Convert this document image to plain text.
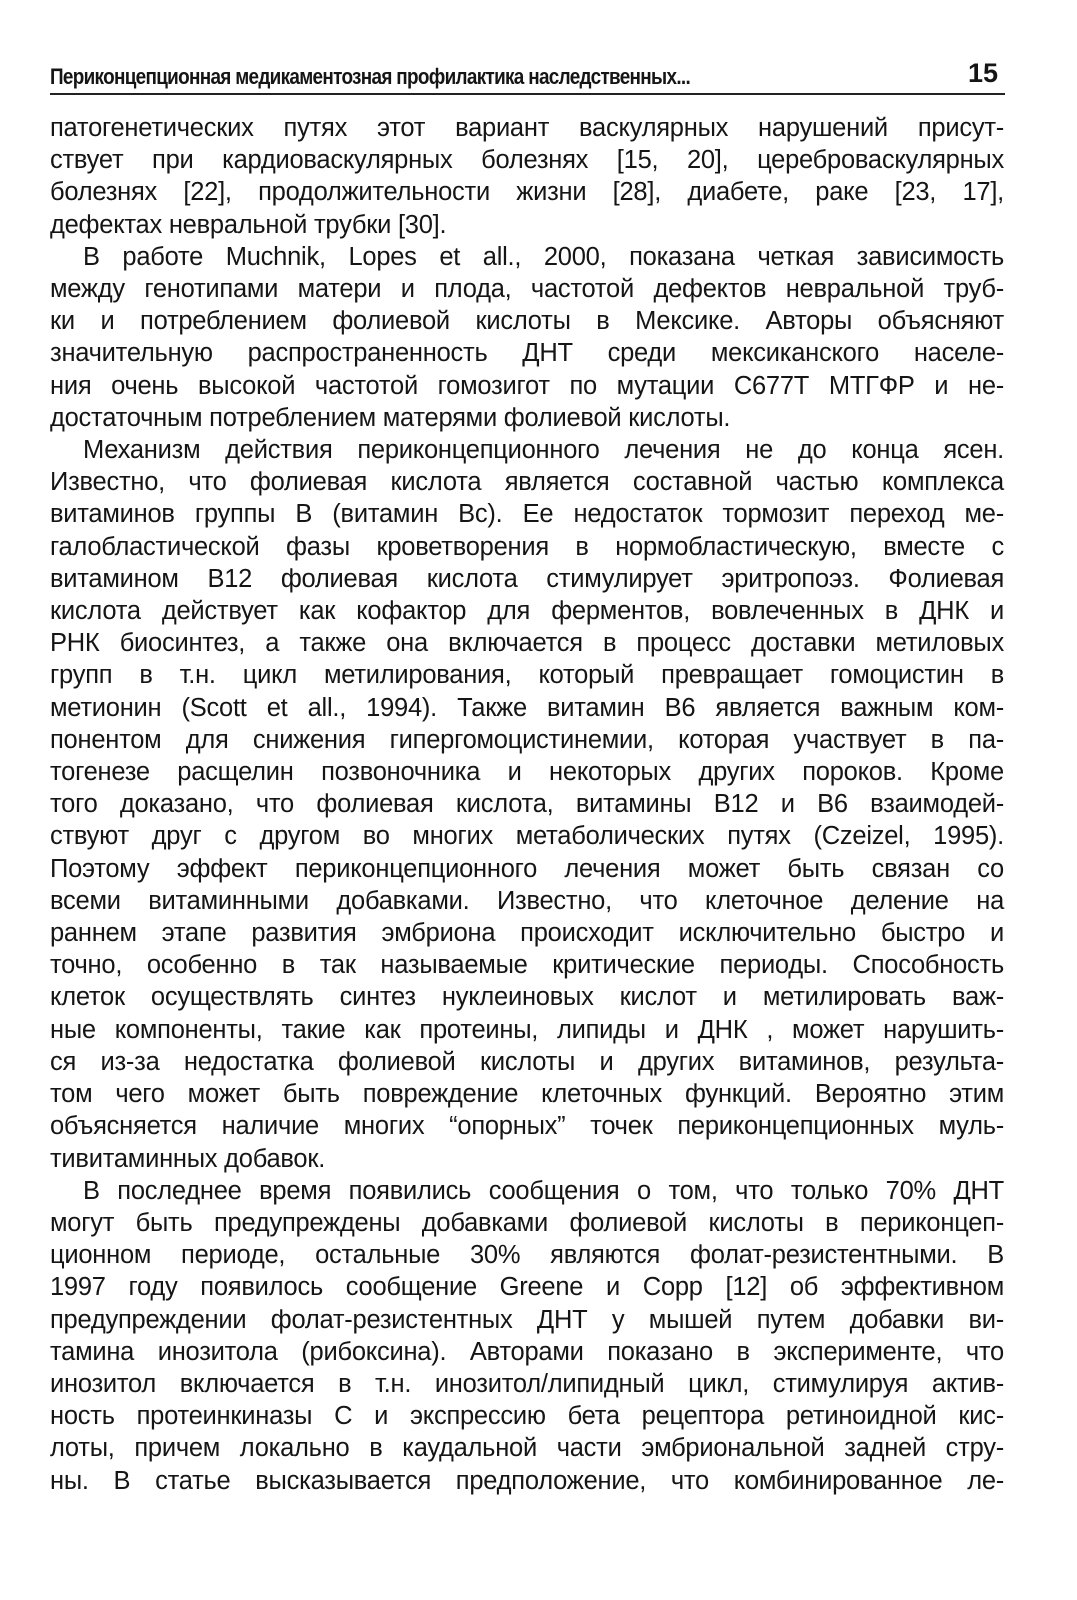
Периконцепционная медикаментозная профилактика наследственных...	15

патогенетических путях этот вариант васкулярных нарушений присут-
ствует при кардиоваскулярных болезнях [15, 20], цереброваскулярных
болезнях [22], продолжительности жизни [28], диабете, раке [23, 17],
дефектах невральной трубки [30].

В работе Muchnik, Lopes et all., 2000, показана четкая зависимость
между генотипами матери и плода, частотой дефектов невральной труб-
ки и потреблением фолиевой кислоты в Мексике. Авторы объясняют
значительную распространенность ДНТ среди мексиканского населе-
ния очень высокой частотой гомозигот по мутации С677Т МТГФР и не-
достаточным потреблением матерями фолиевой кислоты.

Механизм действия периконцепционного лечения не до конца ясен.
Известно, что фолиевая кислота является составной частью комплекса
витаминов группы В (витамин Вс). Ее недостаток тормозит переход ме-
галобластической фазы кроветворения в нормобластическую, вместе с
витамином В12 фолиевая кислота стимулирует эритропоэз. Фолиевая
кислота действует как кофактор для ферментов, вовлеченных в ДНК и
РНК биосинтез, а также она включается в процесс доставки метиловых
групп в т.н. цикл метилирования, который превращает гомоцистин в
метионин (Scott et all., 1994). Также витамин В6 является важным ком-
понентом для снижения гипергомоцистинемии, которая участвует в па-
тогенезе расщелин позвоночника и некоторых других пороков. Кроме
того доказано, что фолиевая кислота, витамины В12 и В6 взаимодей-
ствуют друг с другом во многих метаболических путях (Czeizel, 1995).
Поэтому эффект периконцепционного лечения может быть связан со
всеми витаминными добавками. Известно, что клеточное деление на
раннем этапе развития эмбриона происходит исключительно быстро и
точно, особенно в так называемые критические периоды. Способность
клеток осуществлять синтез нуклеиновых кислот и метилировать важ-
ные компоненты, такие как протеины, липиды и ДНК , может нарушить-
ся из-за недостатка фолиевой кислоты и других витаминов, результа-
том чего может быть повреждение клеточных функций. Вероятно этим
объясняется наличие многих “опорных” точек периконцепционных муль-
тивитаминных добавок.

В последнее время появились сообщения о том, что только 70% ДНТ
могут быть предупреждены добавками фолиевой кислоты в периконцеп-
ционном периоде, остальные 30% являются фолат-резистентными. В
1997 году появилось сообщение Greene и Copp [12] об эффективном
предупреждении фолат-резистентных ДНТ у мышей путем добавки ви-
тамина инозитола (рибоксина). Авторами показано в эксперименте, что
инозитол включается в т.н. инозитол/липидный цикл, стимулируя актив-
ность протеинкиназы С и экспрессию бета рецептора ретиноидной кис-
лоты, причем локально в каудальной части эмбриональной задней стру-
ны. В статье высказывается предположение, что комбинированное ле-
